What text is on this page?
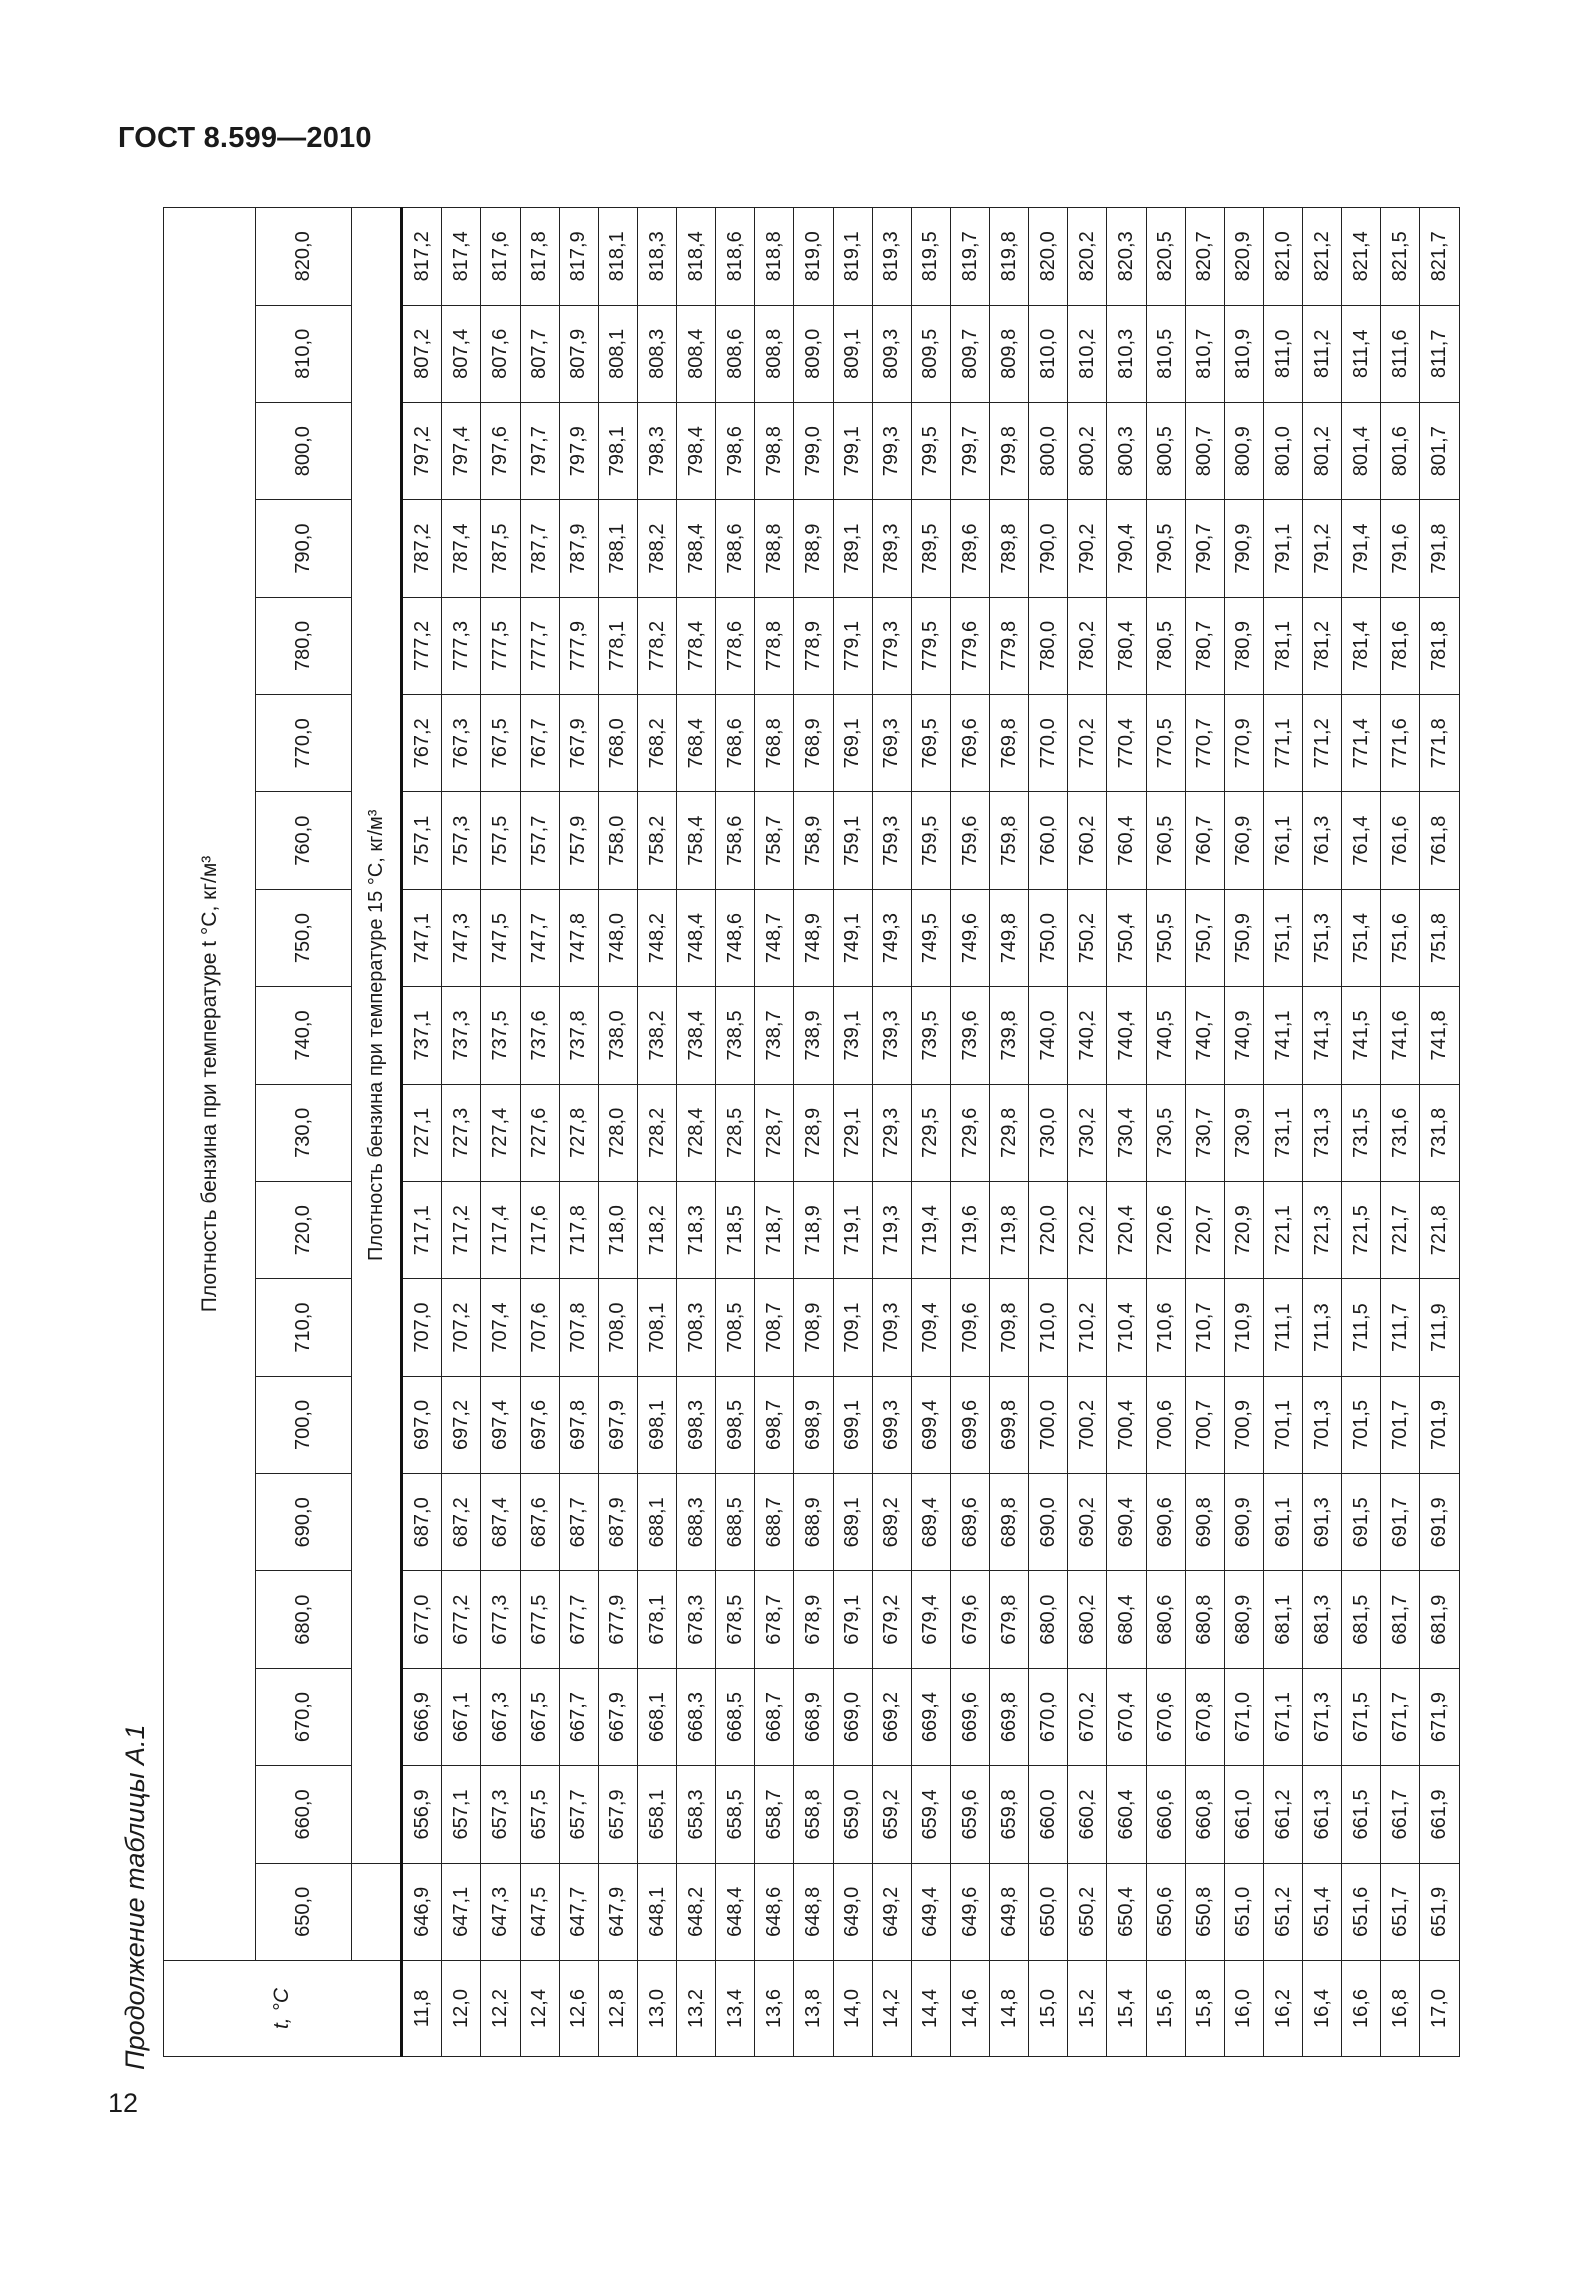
ГОСТ 8.599—2010
Продолжение таблицы А.1
12
t, °С	Плотность бензина при температуре t °С, кг/м³																	
	650,0	660,0	670,0	680,0	690,0	700,0	710,0	720,0	730,0	740,0	750,0	760,0	770,0	780,0	790,0	800,0	810,0	820,0
		Плотность бензина при температуре 15 °С, кг/м³																
11,8	646,9	656,9	666,9	677,0	687,0	697,0	707,0	717,1	727,1	737,1	747,1	757,1	767,2	777,2	787,2	797,2	807,2	817,2
12,0	647,1	657,1	667,1	677,2	687,2	697,2	707,2	717,2	727,3	737,3	747,3	757,3	767,3	777,3	787,4	797,4	807,4	817,4
12,2	647,3	657,3	667,3	677,3	687,4	697,4	707,4	717,4	727,4	737,5	747,5	757,5	767,5	777,5	787,5	797,6	807,6	817,6
12,4	647,5	657,5	667,5	677,5	687,6	697,6	707,6	717,6	727,6	737,6	747,7	757,7	767,7	777,7	787,7	797,7	807,7	817,8
12,6	647,7	657,7	667,7	677,7	687,7	697,8	707,8	717,8	727,8	737,8	747,8	757,9	767,9	777,9	787,9	797,9	807,9	817,9
12,8	647,9	657,9	667,9	677,9	687,9	697,9	708,0	718,0	728,0	738,0	748,0	758,0	768,0	778,1	788,1	798,1	808,1	818,1
13,0	648,1	658,1	668,1	678,1	688,1	698,1	708,1	718,2	728,2	738,2	748,2	758,2	768,2	778,2	788,2	798,3	808,3	818,3
13,2	648,2	658,3	668,3	678,3	688,3	698,3	708,3	718,3	728,4	738,4	748,4	758,4	768,4	778,4	788,4	798,4	808,4	818,4
13,4	648,4	658,5	668,5	678,5	688,5	698,5	708,5	718,5	728,5	738,5	748,6	758,6	768,6	778,6	788,6	798,6	808,6	818,6
13,6	648,6	658,7	668,7	678,7	688,7	698,7	708,7	718,7	728,7	738,7	748,7	758,7	768,8	778,8	788,8	798,8	808,8	818,8
13,8	648,8	658,8	668,9	678,9	688,9	698,9	708,9	718,9	728,9	738,9	748,9	758,9	768,9	778,9	788,9	799,0	809,0	819,0
14,0	649,0	659,0	669,0	679,1	689,1	699,1	709,1	719,1	729,1	739,1	749,1	759,1	769,1	779,1	789,1	799,1	809,1	819,1
14,2	649,2	659,2	669,2	679,2	689,2	699,3	709,3	719,3	729,3	739,3	749,3	759,3	769,3	779,3	789,3	799,3	809,3	819,3
14,4	649,4	659,4	669,4	679,4	689,4	699,4	709,4	719,4	729,5	739,5	749,5	759,5	769,5	779,5	789,5	799,5	809,5	819,5
14,6	649,6	659,6	669,6	679,6	689,6	699,6	709,6	719,6	729,6	739,6	749,6	759,6	769,6	779,6	789,6	799,7	809,7	819,7
14,8	649,8	659,8	669,8	679,8	689,8	699,8	709,8	719,8	729,8	739,8	749,8	759,8	769,8	779,8	789,8	799,8	809,8	819,8
15,0	650,0	660,0	670,0	680,0	690,0	700,0	710,0	720,0	730,0	740,0	750,0	760,0	770,0	780,0	790,0	800,0	810,0	820,0
15,2	650,2	660,2	670,2	680,2	690,2	700,2	710,2	720,2	730,2	740,2	750,2	760,2	770,2	780,2	790,2	800,2	810,2	820,2
15,4	650,4	660,4	670,4	680,4	690,4	700,4	710,4	720,4	730,4	740,4	750,4	760,4	770,4	780,4	790,4	800,3	810,3	820,3
15,6	650,6	660,6	670,6	680,6	690,6	700,6	710,6	720,6	730,5	740,5	750,5	760,5	770,5	780,5	790,5	800,5	810,5	820,5
15,8	650,8	660,8	670,8	680,8	690,8	700,7	710,7	720,7	730,7	740,7	750,7	760,7	770,7	780,7	790,7	800,7	810,7	820,7
16,0	651,0	661,0	671,0	680,9	690,9	700,9	710,9	720,9	730,9	740,9	750,9	760,9	770,9	780,9	790,9	800,9	810,9	820,9
16,2	651,2	661,2	671,1	681,1	691,1	701,1	711,1	721,1	731,1	741,1	751,1	761,1	771,1	781,1	791,1	801,0	811,0	821,0
16,4	651,4	661,3	671,3	681,3	691,3	701,3	711,3	721,3	731,3	741,3	751,3	761,3	771,2	781,2	791,2	801,2	811,2	821,2
16,6	651,6	661,5	671,5	681,5	691,5	701,5	711,5	721,5	731,5	741,5	751,4	761,4	771,4	781,4	791,4	801,4	811,4	821,4
16,8	651,7	661,7	671,7	681,7	691,7	701,7	711,7	721,7	731,6	741,6	751,6	761,6	771,6	781,6	791,6	801,6	811,6	821,5
17,0	651,9	661,9	671,9	681,9	691,9	701,9	711,9	721,8	731,8	741,8	751,8	761,8	771,8	781,8	791,8	801,7	811,7	821,7
